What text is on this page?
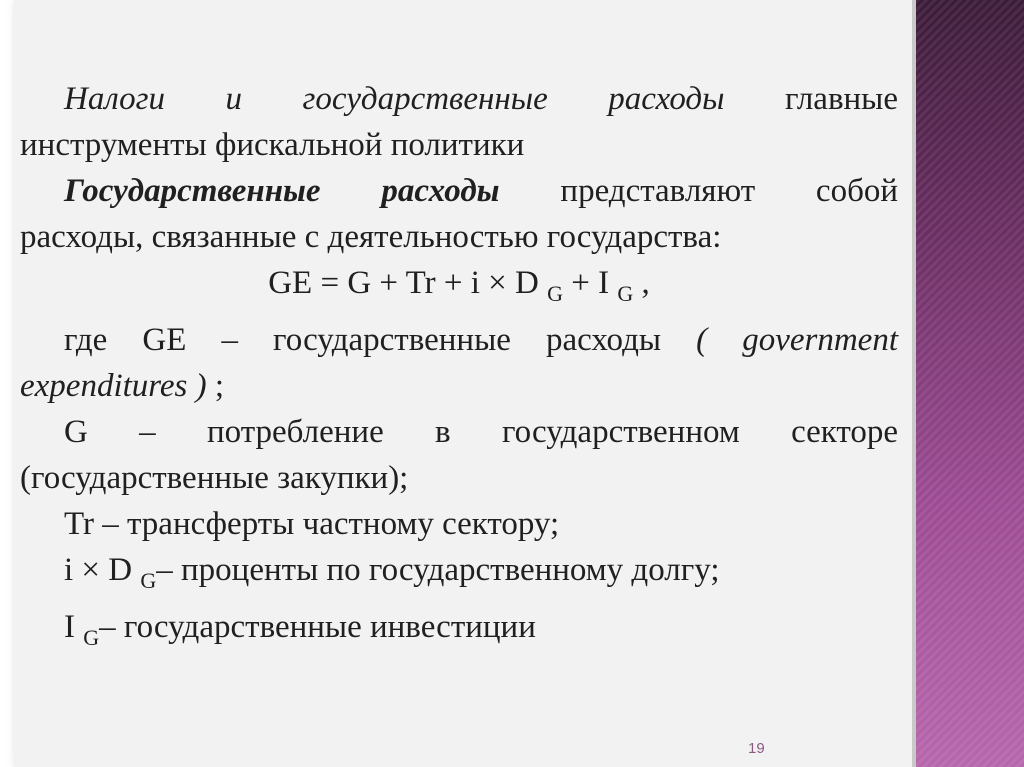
Налоги и государственные расходы главные

инструменты фискальной политики

Государственные расходы представляют собой

расходы, связанные с деятельностью государства:

GE = G + Tr + i × D $_G$ + I $_G$ ,

где GE – государственные расходы ( government

expenditures ) ;

G – потребление в государственном секторе

(государственные закупки);

Tr – трансферты частному сектору;

i × D $_G$– проценты по государственному долгу;

I $_G$– государственные инвестиции

19
